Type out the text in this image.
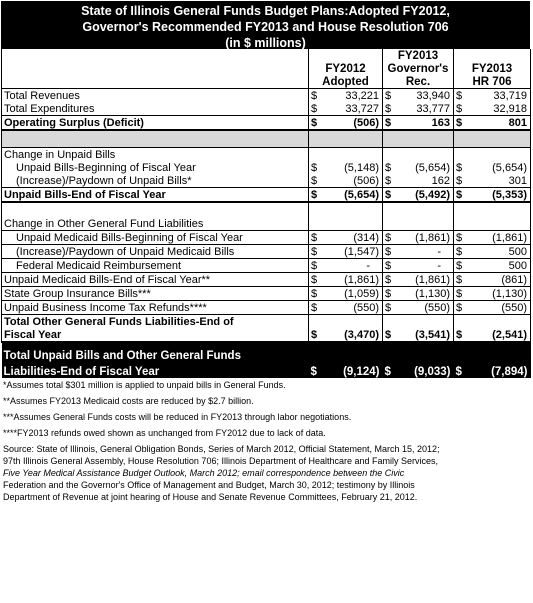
State of Illinois General Funds Budget Plans:Adopted FY2012,
Governor's Recommended FY2013 and House Resolution 706
(in $ millions)
			FY2013			
	FY2012		Governor's		FY2013	
	Adopted		Rec.		HR 706	
Total Revenues	$	33,221	$	33,940	$	33,719
Total Expenditures	$	33,727	$	33,777	$	32,918
Operating Surplus (Deficit)	$	(506)	$	163	$	801

Change in Unpaid Bills						
Unpaid Bills-Beginning of Fiscal Year	$	(5,148)	$	(5,654)	$	(5,654)
(Increase)/Paydown of Unpaid Bills*	$	(506)	$	162	$	301
Unpaid Bills-End of Fiscal Year	$	(5,654)	$	(5,492)	$	(5,353)

Change in Other General Fund Liabilities						
Unpaid Medicaid Bills-Beginning of Fiscal Year	$	(314)	$	(1,861)	$	(1,861)
(Increase)/Paydown of Unpaid Medicaid Bills	$	(1,547)	$	-	$	500
Federal Medicaid Reimbursement	$	-	$	-	$	500
Unpaid Medicaid Bills-End of Fiscal Year**	$	(1,861)	$	(1,861)	$	(861)
State Group Insurance Bills***	$	(1,059)	$	(1,130)	$	(1,130)
Unpaid Business Income Tax Refunds****	$	(550)	$	(550)	$	(550)
Total Other General Funds Liabilities-End of						
Fiscal Year	$	(3,470)	$	(3,541)	$	(2,541)
Total Unpaid Bills and Other General Funds						
Liabilities-End of Fiscal Year	$	(9,124)	$	(9,033)	$	(7,894)
*Assumes total $301 million is applied to unpaid bills in General Funds.
**Assumes FY2013 Medicaid costs are reduced by $2.7 billion.
***Assumes General Funds costs will be reduced in FY2013 through labor negotiations.
****FY2013 refunds owed shown as unchanged from FY2012 due to lack of data.
Source: State of Illinois, General Obligation Bonds, Series of March 2012, Official Statement, March 15, 2012;
97th Illinois General Assembly, House Resolution 706; Illinois Department of Healthcare and Family Services,
Five Year Medical Assistance Budget Outlook, March 2012; email correspondence between the Civic
Federation and the Governor's Office of Management and Budget, March 30, 2012; testimony by Illinois
Department of Revenue at joint hearing of House and Senate Revenue Committees, February 21, 2012.
